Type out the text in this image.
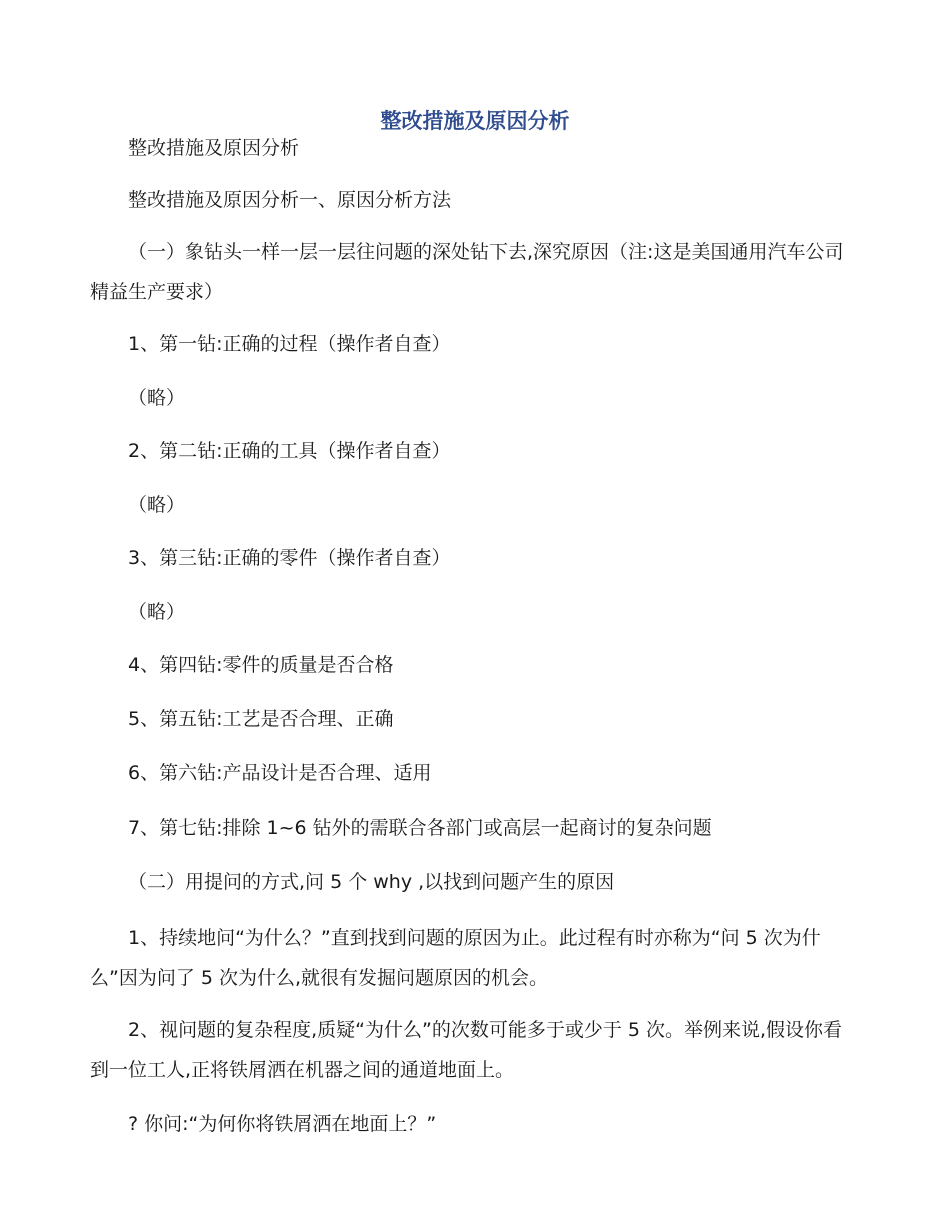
整改措施及原因分析
整改措施及原因分析
整改措施及原因分析一、原因分析方法
（一）象钻头一样一层一层往问题的深处钻下去,深究原因（注:这是美国通用汽车公司精益生产要求）
1、第一钻:正确的过程（操作者自查）
（略）
2、第二钻:正确的工具（操作者自查）
（略）
3、第三钻:正确的零件（操作者自查）
（略）
4、第四钻:零件的质量是否合格
5、第五钻:工艺是否合理、正确
6、第六钻:产品设计是否合理、适用
7、第七钻:排除 1~6 钻外的需联合各部门或高层一起商讨的复杂问题
（二）用提问的方式,问 5 个 why ,以找到问题产生的原因
1、持续地问“为什么？”直到找到问题的原因为止。此过程有时亦称为“问 5 次为什么”因为问了 5 次为什么,就很有发掘问题原因的机会。
2、视问题的复杂程度,质疑“为什么”的次数可能多于或少于 5 次。举例来说,假设你看到一位工人,正将铁屑洒在机器之间的通道地面上。
? 你问:“为何你将铁屑洒在地面上？”
